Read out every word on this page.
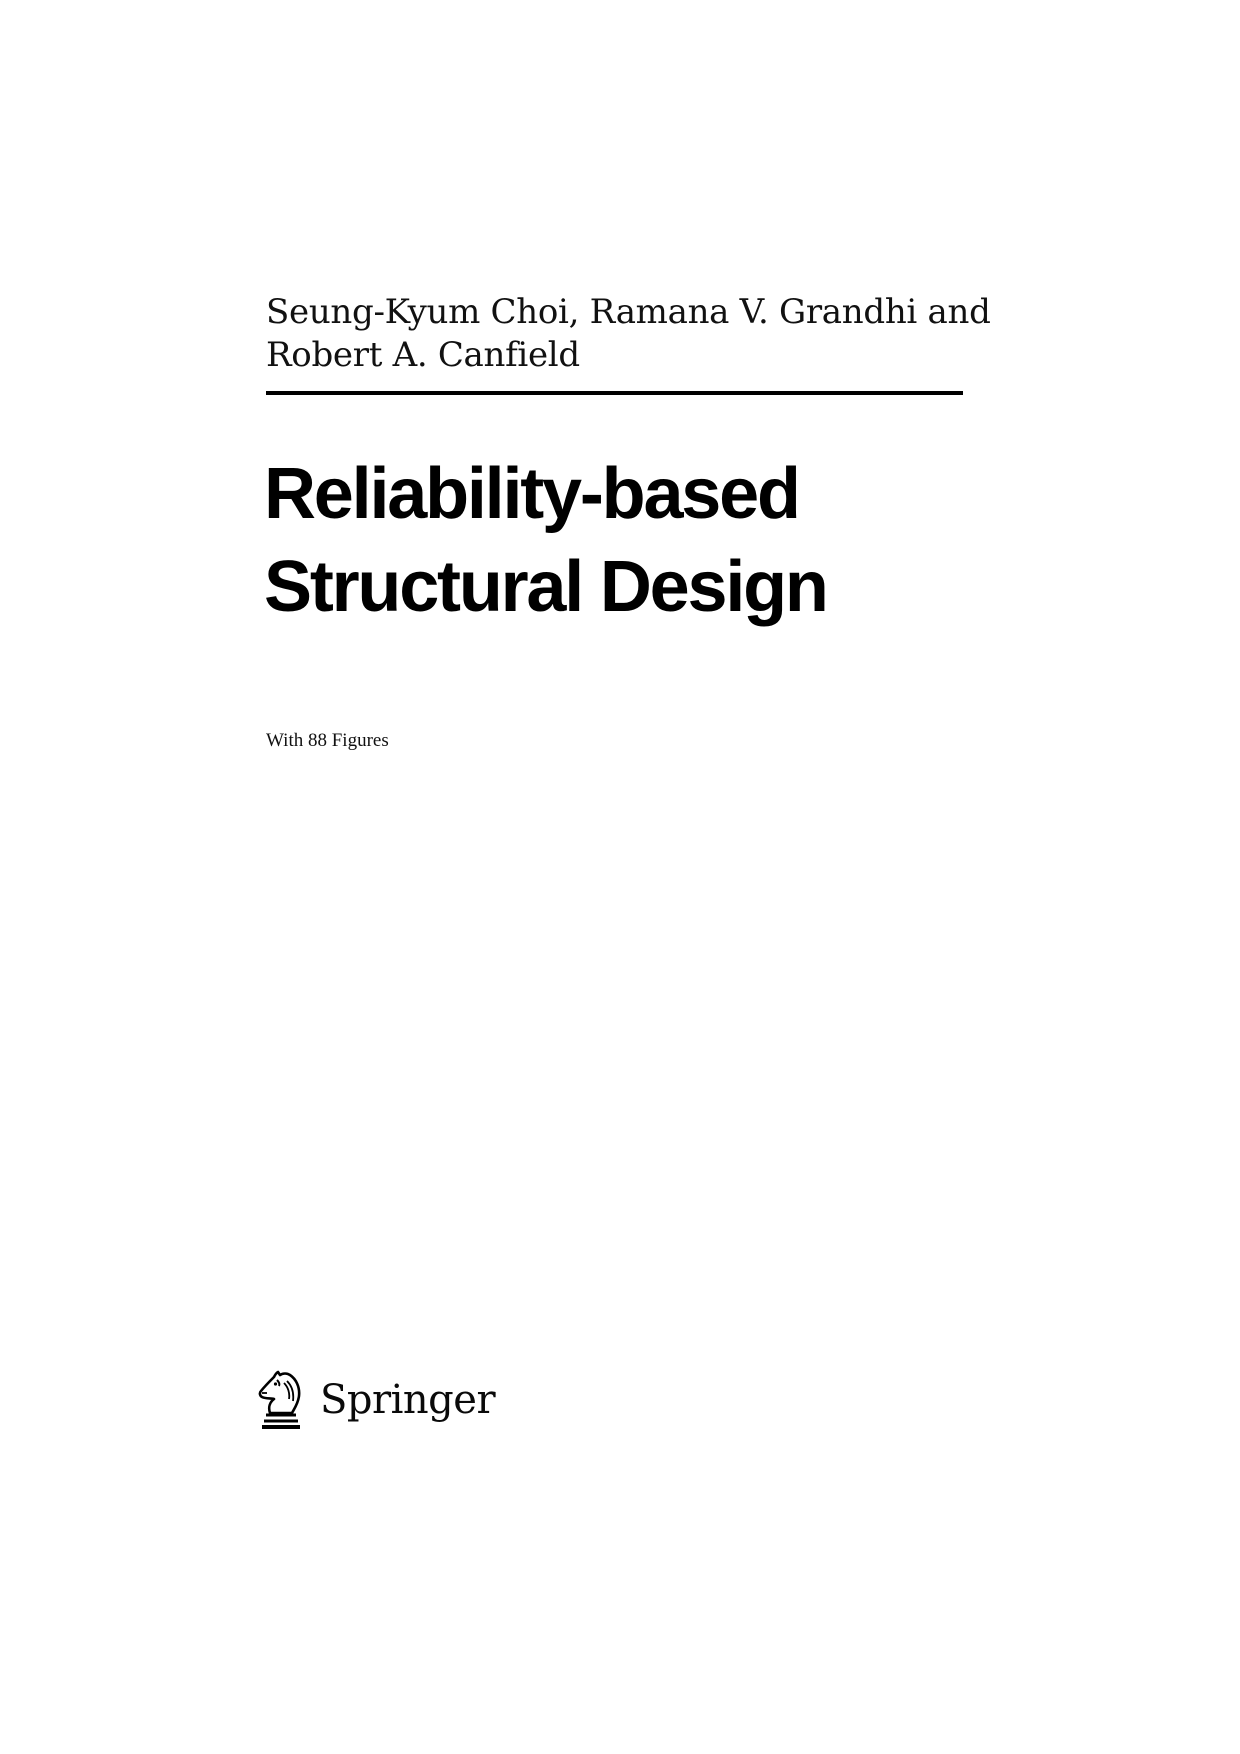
Seung-Kyum Choi, Ramana V. Grandhi and
Robert A. Canfield
Reliability-based
Structural Design
With 88 Figures
Springer
